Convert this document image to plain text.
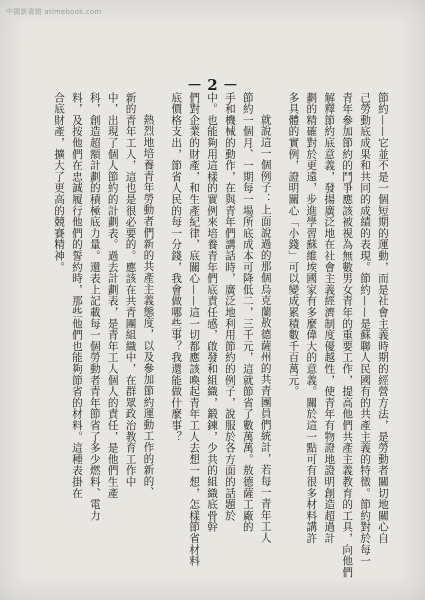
中國新書館 atimebook.com
－ 2 －
節約——它並不是一個短期的運動，而是社會主義時期的經營方法，是勞動者關切地關心自
己勞動底成果和共同的成績的表現。節約——是蘇聯人民國有的共產主義的特徵。節約對於每一
青年參加節約的鬥爭應該被視為無數男女青年的重要工作，提高他們共產主義教育的工具，向他們
解釋節約底意義，發揚廣泛地在社會主義經濟制度優越性，使青年有物證地證明創造超過計
劃的精確對於更遠，步進學習蘇維埃國家有多麼偉大的意義。關於這一點可有很多材料講許
多具體的實例，證明關心「小錢」可以變成累積數千百萬元。
就說這一個例子：上面說過的那個烏克蘭敖德薩州的共青團員們統計，若每一青年工人
節約一個月、一期每一場所底成本可降低二，三千元，這就節省了數萬萬。敖德薩工廠的
手和機械的動作，在與青年們講話時，廣泛地利用節約的例子，說服於各方面的話題於
中。也能夠用這樣的實例來培養青年們底責任感，啟發和組織，鍛鍊，少共的組織底骨幹
們對企業的財產，和生產紀律，底關心——這一切都應該喚起青年工人去想一想，怎樣節省材料
底價格支出，節省人民的每一分錢，我會做哪些事？我還能做什麼事？
熱烈地培養青年勞動者們新的共產主義態度，以及參加節約運動工作的新的、
新的青年工人，這也是很必要的。應該在共青團組織中，在群眾政治教育工作中
中，出現了個人節約的計劃表。過去計劃表，是青年工人個人的責任，是他們生產
科，創造超額計劃的積極底力量。還表上記載每一個勞動者青年節省了多少燃料、電力
料，及按他們在忠誠履行他們的誓約時，那些他們也能夠節省的材料。這種表掛在
合底財產，擴大了更高的競賽精神。
